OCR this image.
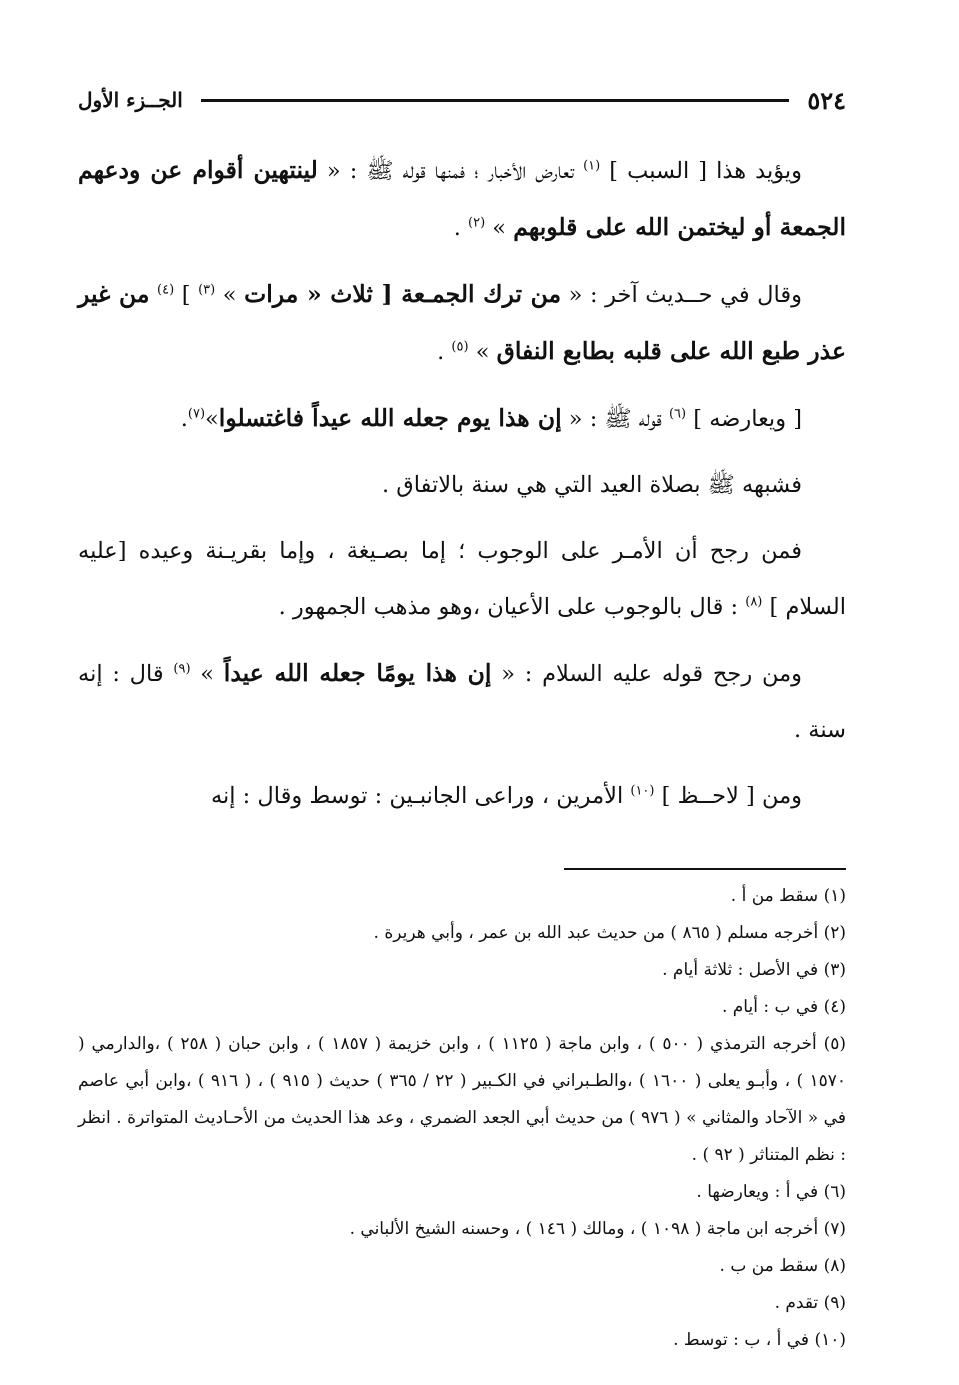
٥٢٤
الجــزء الأول

ويؤيد هذا [ السبب ] $^{(١)}$ تعارض الأخبار ؛ فمنها قوله ﷺ : « لينتهين أقوام عن ودعهم الجمعة أو ليختمن الله على قلوبهم » $^{(٢)}$ .

وقال في حــديث آخر : « من ترك الجمـعة [ ثلاث « مرات » $^{(٣)}$ ] $^{(٤)}$ من غير عذر طبع الله على قلبه بطابع النفاق » $^{(٥)}$ .

[ ويعارضه ] $^{(٦)}$ قوله ﷺ : « إن هذا يوم جعله الله عيداً فاغتسلوا»$^{(٧)}$.

فشبهه ﷺ بصلاة العيد التي هي سنة بالاتفاق .

فمن رجح أن الأمـر على الوجوب ؛ إما بصـيغة ، وإما بقريـنة وعيده [عليه السلام ] $^{(٨)}$ : قال بالوجوب على الأعيان ،وهو مذهب الجمهور .

ومن رجح قوله عليه السلام : « إن هذا يومًا جعله الله عيداً » $^{(٩)}$ قال : إنه سنة .

ومن [ لاحــظ ] $^{(١٠)}$ الأمرين ، وراعى الجانبـين : توسط وقال : إنه

(١) سقط من أ .

(٢) أخرجه مسلم ( ٨٦٥ ) من حديث عبد الله بن عمر ، وأبي هريرة .

(٣) في الأصل : ثلاثة أيام .

(٤) في ب : أيام .

(٥) أخرجه الترمذي ( ٥٠٠ ) ، وابن ماجة ( ١١٢٥ ) ، وابن خزيمة ( ١٨٥٧ ) ، وابن حبان ( ٢٥٨ ) ،والدارمي ( ١٥٧٠ ) ، وأبـو يعلى ( ١٦٠٠ ) ،والطـبراني في الكـبير ( ٢٢ / ٣٦٥ ) حديث ( ٩١٥ ) ، ( ٩١٦ ) ،وابن أبي عاصم في « الآحاد والمثاني » ( ٩٧٦ ) من حديث أبي الجعد الضمري ، وعد هذا الحديث من الأحـاديث المتواترة . انظر : نظم المتناثر ( ٩٢ ) .

(٦) في أ : ويعارضها .

(٧) أخرجه ابن ماجة ( ١٠٩٨ ) ، ومالك ( ١٤٦ ) ، وحسنه الشيخ الألباني .

(٨) سقط من ب .

(٩) تقدم .

(١٠) في أ ، ب : توسط .
